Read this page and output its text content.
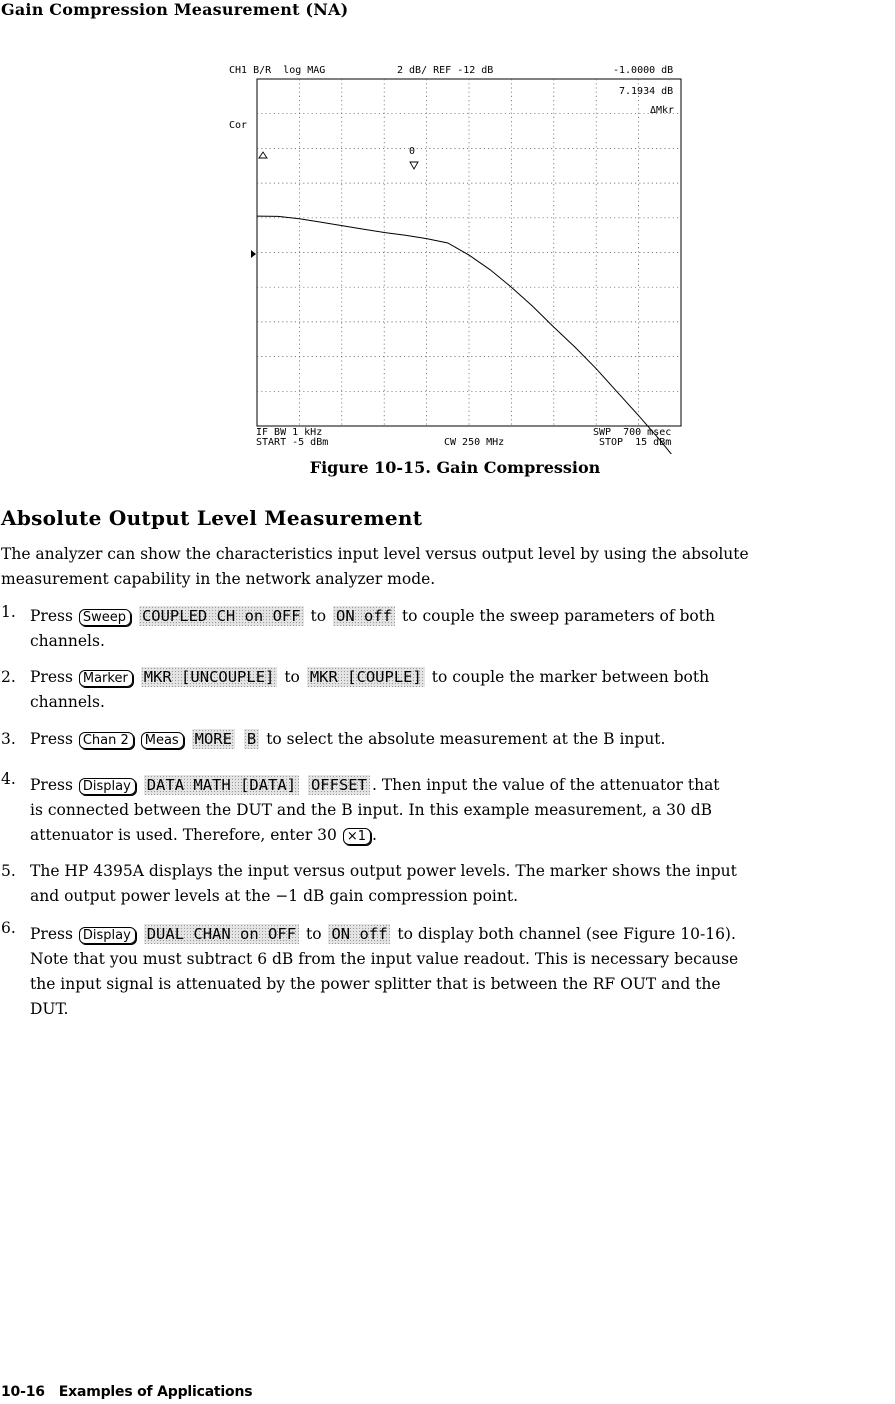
Gain Compression Measurement (NA)
CH1 B/R  log MAG	2 dB/ REF -12 dB	-1.0000 dB
7.1934 dB
ΔMkr
Cor
0
IF BW 1 kHz	SWP  700 msec
START -5 dBm	CW 250 MHz	STOP  15 dBm
Figure 10-15. Gain Compression
Absolute Output Level Measurement
The analyzer can show the characteristics input level versus output level by using the absolute
measurement capability in the network analyzer mode.
1. Press Sweep COUPLED CH on OFF to ON off to couple the sweep parameters of both
channels.
2. Press Marker MKR [UNCOUPLE] to MKR [COUPLE] to couple the marker between both
channels.
3. Press Chan 2 Meas MORE B to select the absolute measurement at the B input.
4. Press Display DATA MATH [DATA] OFFSET . Then input the value of the attenuator that
is connected between the DUT and the B input. In this example measurement, a 30 dB
attenuator is used. Therefore, enter 30 ×1 .
5. The HP 4395A displays the input versus output power levels. The marker shows the input
and output power levels at the −1 dB gain compression point.
6. Press Display DUAL CHAN on OFF to ON off to display both channel (see Figure 10-16).
Note that you must subtract 6 dB from the input value readout. This is necessary because
the input signal is attenuated by the power splitter that is between the RF OUT and the
DUT.
10-16 Examples of Applications
